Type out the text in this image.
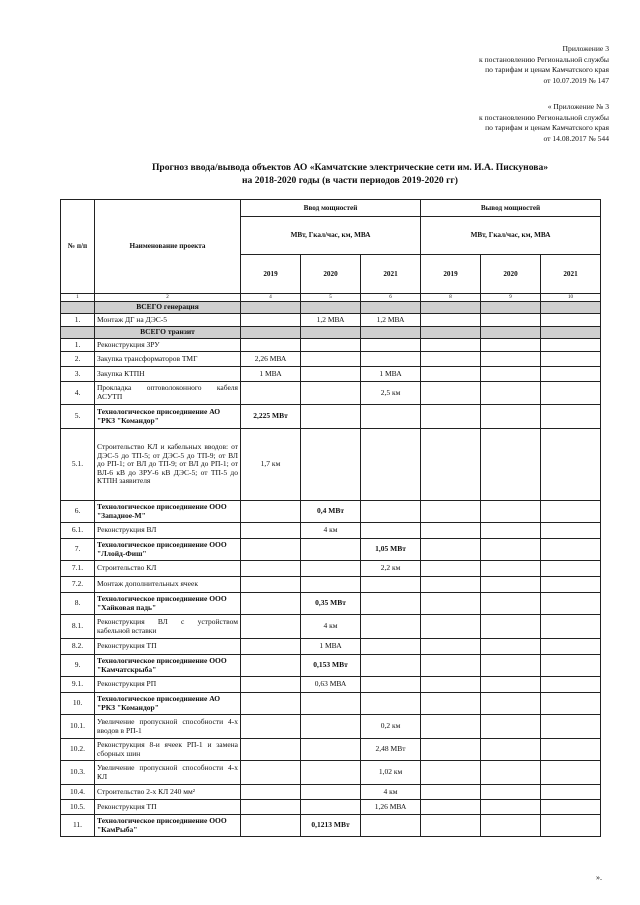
Приложение 3

к постановлению Региональной службы

по тарифам и ценам Камчатского края

от 10.07.2019 № 147

« Приложение № 3

к постановлению Региональной службы

по тарифам и ценам Камчатского края

от 14.08.2017 № 544

Прогноз ввода/вывода объектов АО «Камчатские электрические сети им. И.А. Пискунова»

на 2018-2020 годы (в части периодов 2019-2020 гг)

№ п/п	Наименование проекта	Ввод мощностей			Вывод мощностей		
		МВт, Гкал/час, км, МВА			МВт, Гкал/час, км, МВА		
		2019	2020	2021	2019	2020	2021
1	2	4	5	6	8	9	10
	ВСЕГО генерация						
1.	Монтаж ДГ на ДЭС-5		1,2 МВА	1,2 МВА			
	ВСЕГО транзит						
1.	Реконструкция ЗРУ						
2.	Закупка трансформаторов ТМГ	2,26 МВА					
3.	Закупка КТПН	1 МВА		1 МВА			
4.	Прокладка оптоволоконного кабеля АСУТП			2,5 км			
5.	Технологическое присоединение АО "РКЗ "Командор"	2,225 МВт					
5.1.	Строительство КЛ и кабельных вводов: от ДЭС-5 до ТП-5; от ДЭС-5 до ТП-9; от ВЛ до РП-1; от ВЛ до ТП-9; от ВЛ до РП-1; от ВЛ-6 кВ до ЗРУ-6 кВ ДЭС-5; от ТП-5 до КТПН заявителя	1,7 км					
6.	Технологическое присоединение ООО "Западное-М"		0,4 МВт				
6.1.	Реконструкция ВЛ		4 км				
7.	Технологическое присоединение ООО "Ллойд-Фиш"			1,05 МВт			
7.1.	Строительство КЛ			2,2 км			
7.2.	Монтаж дополнительных ячеек						
8.	Технологическое присоединение ООО "Хайковая падь"		0,35 МВт				
8.1.	Реконструкция ВЛ с устройством кабельной вставки		4 км				
8.2.	Реконструкция ТП		1 МВА				
9.	Технологическое присоединение ООО "Камчатскрыба"		0,153 МВт				
9.1.	Реконструкция РП		0,63 МВА				
10.	Технологическое присоединение АО "РКЗ "Командор"						
10.1.	Увеличение пропускной способности 4-х вводов в РП-1			0,2 км			
10.2.	Реконструкция 8-и ячеек РП-1 и замена сборных шин			2,48 МВт			
10.3.	Увеличение пропускной способности 4-х КЛ			1,02 км			
10.4.	Строительство 2-х КЛ 240 мм²			4 км			
10.5.	Реконструкция ТП			1,26 МВА			
11.	Технологическое присоединение ООО "КамРыба"		0,1213 МВт				
».
